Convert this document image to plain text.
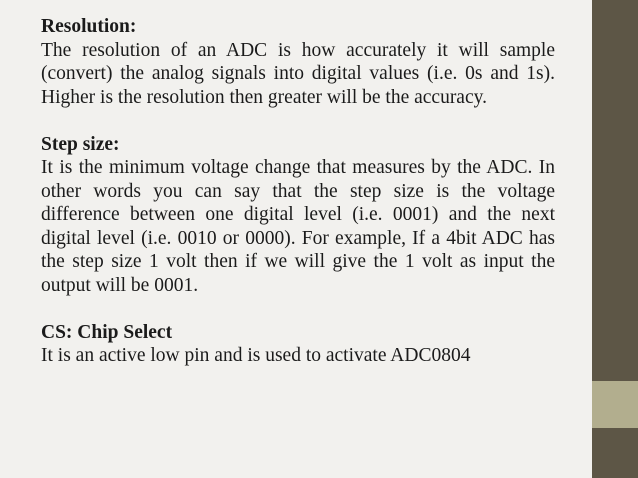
Resolution:
The resolution of an ADC is how accurately it will sample (convert) the analog signals into digital values (i.e. 0s and 1s). Higher is the resolution then greater will be the accuracy.
Step size:
It is the minimum voltage change that measures by the ADC. In other words you can say that the step size is the voltage difference between one digital level (i.e. 0001) and the next digital level (i.e. 0010 or 0000). For example, If a 4bit ADC has the step size 1 volt then if we will give the 1 volt as input the output will be 0001.
CS: Chip Select
It is an active low pin and is used to activate ADC0804
